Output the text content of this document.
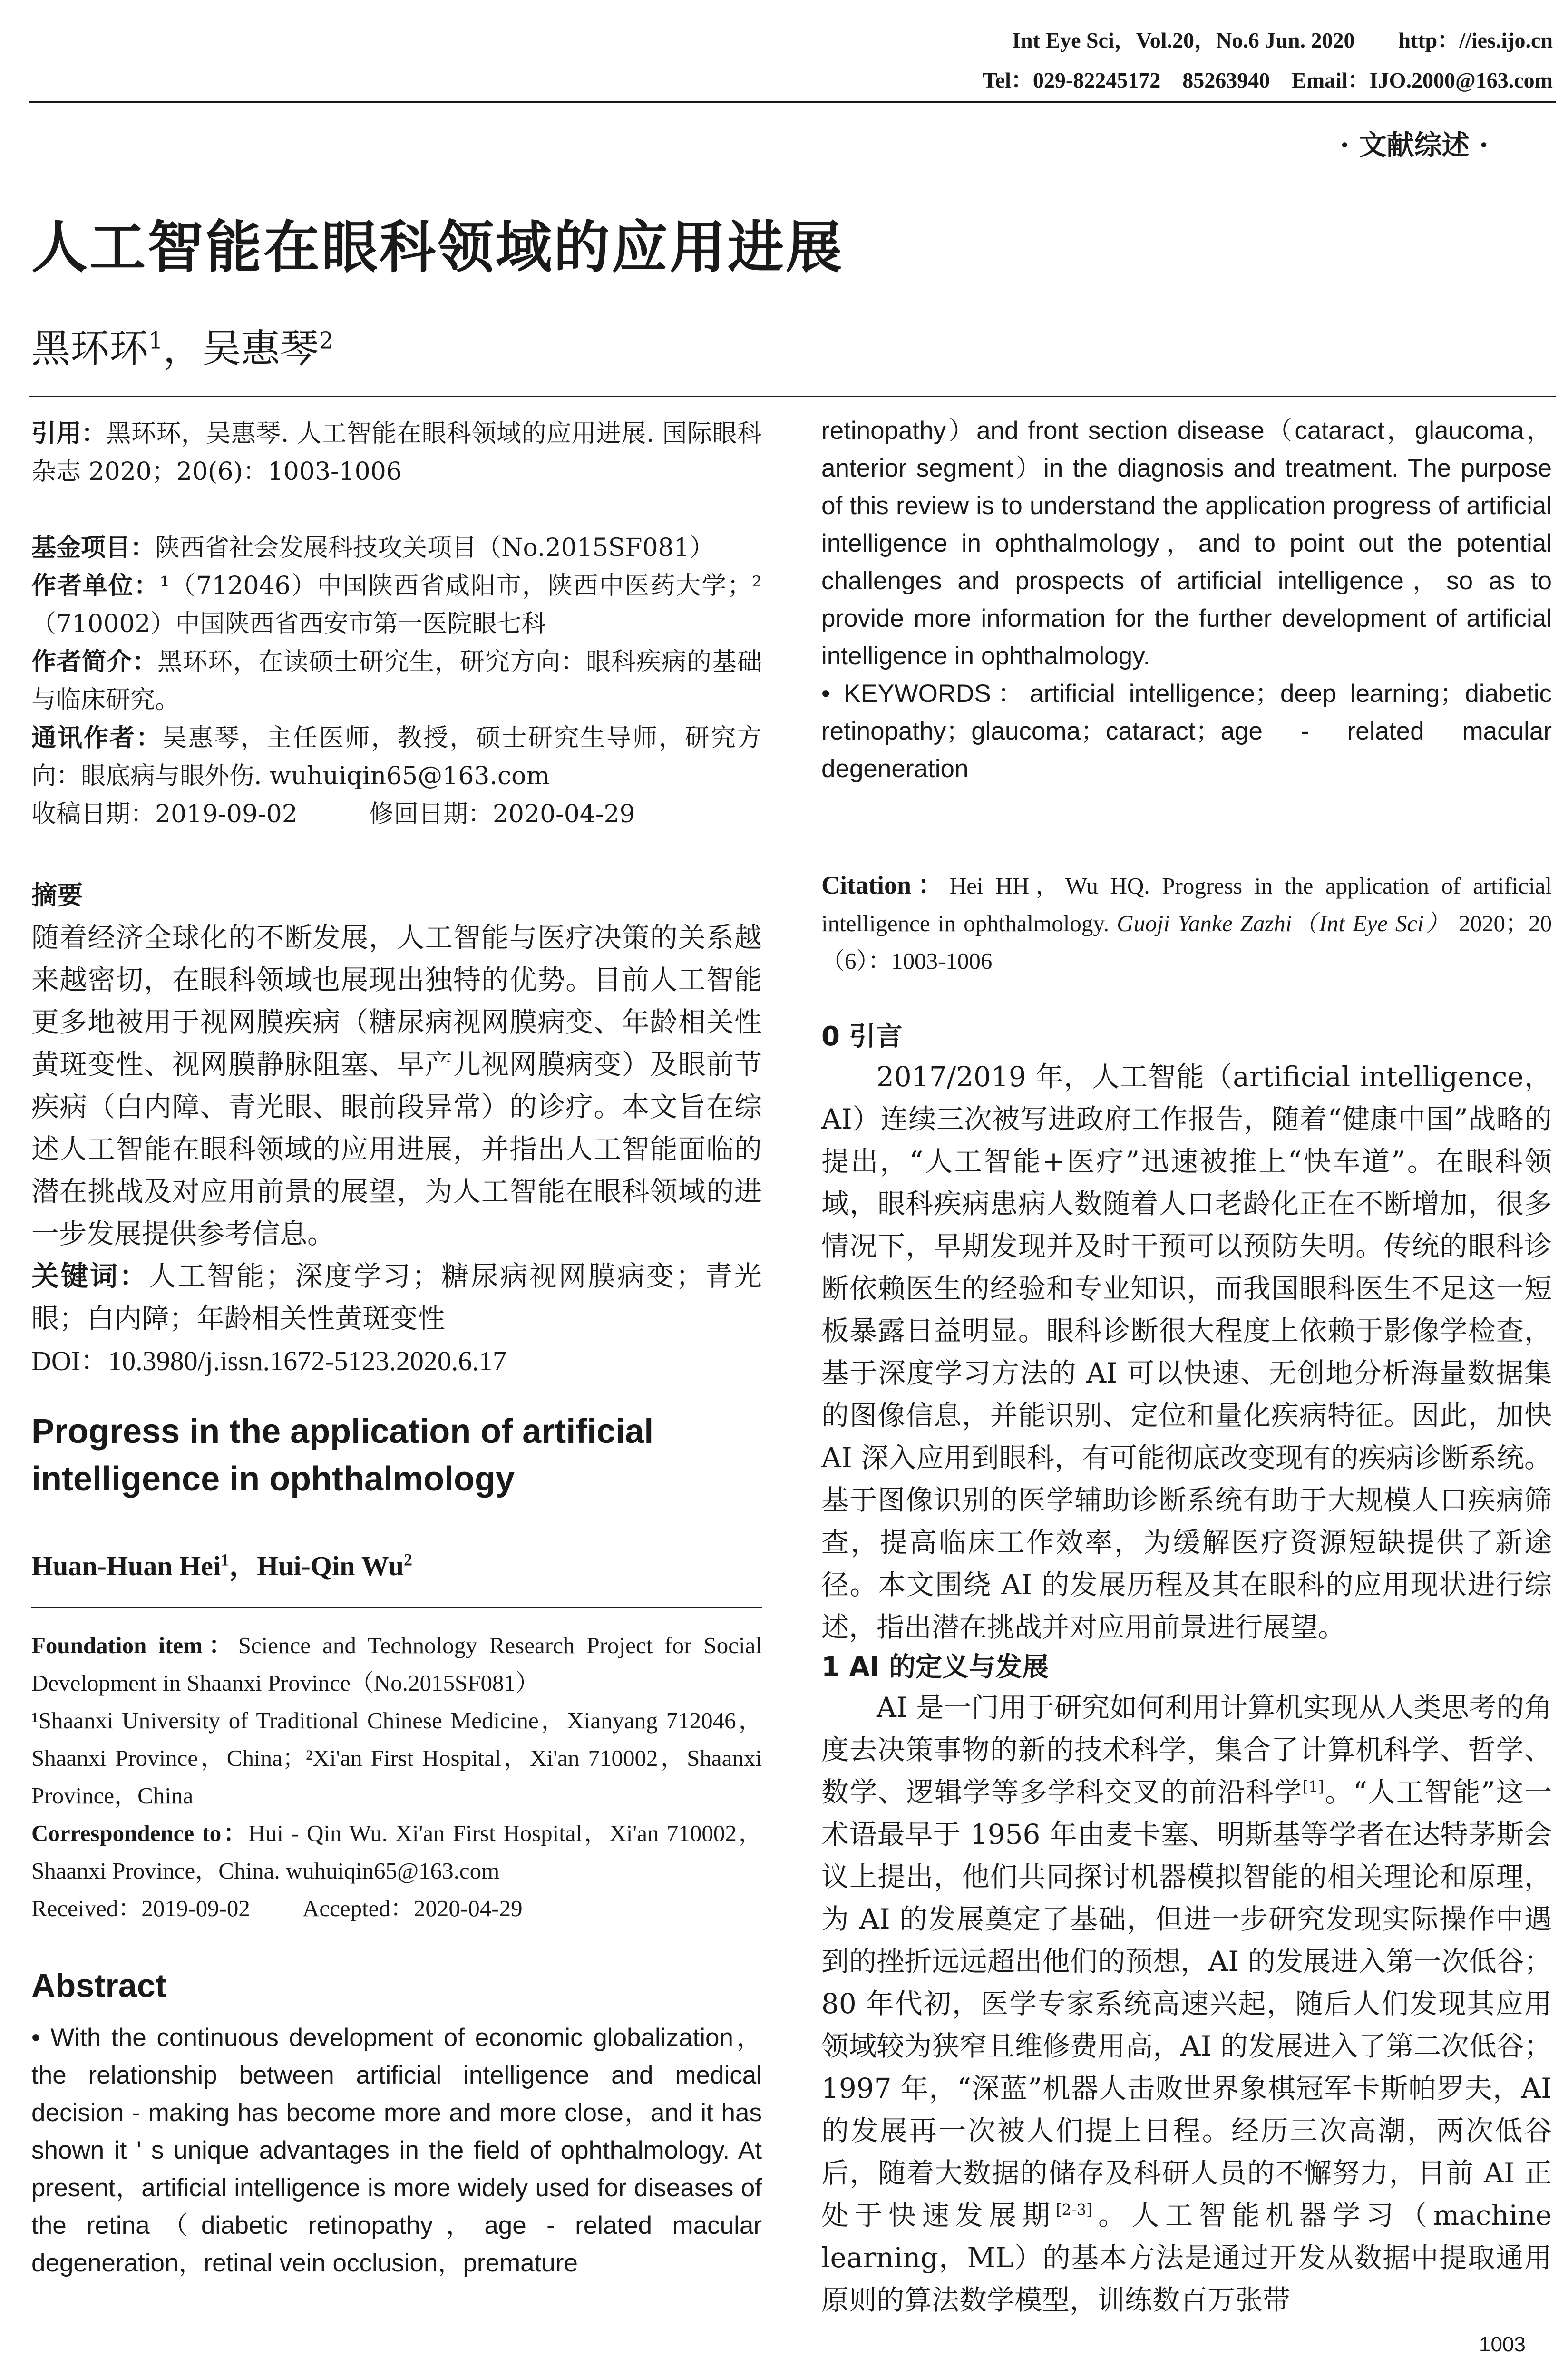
Int Eye Sci，Vol.20，No.6 Jun. 2020　　http：//ies.ijo.cn
Tel：029-82245172　85263940　Email：IJO.2000@163.com
· 文献综述 ·
人工智能在眼科领域的应用进展
黑环环$^1$，吴惠琴$^2$
引用：黑环环，吴惠琴. 人工智能在眼科领域的应用进展. 国际眼科杂志 2020；20(6)：1003-1006

基金项目：陕西省社会发展科技攻关项目（No.2015SF081）

作者单位：¹（712046）中国陕西省咸阳市，陕西中医药大学；²（710002）中国陕西省西安市第一医院眼七科

作者简介：黑环环，在读硕士研究生，研究方向：眼科疾病的基础与临床研究。

通讯作者：吴惠琴，主任医师，教授，硕士研究生导师，研究方向：眼底病与眼外伤. wuhuiqin65@163.com

收稿日期：2019-09-02	修回日期：2020-04-29

摘要

随着经济全球化的不断发展，人工智能与医疗决策的关系越来越密切，在眼科领域也展现出独特的优势。目前人工智能更多地被用于视网膜疾病（糖尿病视网膜病变、年龄相关性黄斑变性、视网膜静脉阻塞、早产儿视网膜病变）及眼前节疾病（白内障、青光眼、眼前段异常）的诊疗。本文旨在综述人工智能在眼科领域的应用进展，并指出人工智能面临的潜在挑战及对应用前景的展望，为人工智能在眼科领域的进一步发展提供参考信息。

关键词：人工智能；深度学习；糖尿病视网膜病变；青光眼；白内障；年龄相关性黄斑变性

DOI：10.3980/j.issn.1672-5123.2020.6.17

Progress in the application of artificial intelligence in ophthalmology
Huan-Huan Hei$^1$，Hui-Qin Wu$^2$

Foundation item：Science and Technology Research Project for Social Development in Shaanxi Province（No.2015SF081）

¹Shaanxi University of Traditional Chinese Medicine，Xianyang 712046，Shaanxi Province，China；²Xi'an First Hospital，Xi'an 710002，Shaanxi Province，China

Correspondence to：Hui - Qin Wu. Xi'an First Hospital，Xi'an 710002，Shaanxi Province，China. wuhuiqin65@163.com

Received：2019-09-02 Accepted：2020-04-29

Abstract
• With the continuous development of economic globalization，the relationship between artificial intelligence and medical decision - making has become more and more close，and it has shown it ' s unique advantages in the field of ophthalmology. At present，artificial intelligence is more widely used for diseases of the retina（diabetic retinopathy，age - related macular degeneration，retinal vein occlusion，premature

retinopathy）and front section disease（cataract，glaucoma，anterior segment）in the diagnosis and treatment. The purpose of this review is to understand the application progress of artificial intelligence in ophthalmology，and to point out the potential challenges and prospects of artificial intelligence，so as to provide more information for the further development of artificial intelligence in ophthalmology.

• KEYWORDS：artificial intelligence；deep learning；diabetic retinopathy；glaucoma；cataract；age - related macular degeneration

Citation：Hei HH，Wu HQ. Progress in the application of artificial intelligence in ophthalmology. Guoji Yanke Zazhi（Int Eye Sci） 2020；20（6）：1003-1006

0 引言

2017/2019 年，人工智能（artificial intelligence，AI）连续三次被写进政府工作报告，随着“健康中国”战略的提出，“人工智能+医疗”迅速被推上“快车道”。在眼科领域，眼科疾病患病人数随着人口老龄化正在不断增加，很多情况下，早期发现并及时干预可以预防失明。传统的眼科诊断依赖医生的经验和专业知识，而我国眼科医生不足这一短板暴露日益明显。眼科诊断很大程度上依赖于影像学检查，基于深度学习方法的 AI 可以快速、无创地分析海量数据集的图像信息，并能识别、定位和量化疾病特征。因此，加快 AI 深入应用到眼科，有可能彻底改变现有的疾病诊断系统。基于图像识别的医学辅助诊断系统有助于大规模人口疾病筛查，提高临床工作效率，为缓解医疗资源短缺提供了新途径。本文围绕 AI 的发展历程及其在眼科的应用现状进行综述，指出潜在挑战并对应用前景进行展望。

1 AI 的定义与发展

AI 是一门用于研究如何利用计算机实现从人类思考的角度去决策事物的新的技术科学，集合了计算机科学、哲学、数学、逻辑学等多学科交叉的前沿科学[1]。“人工智能”这一术语最早于 1956 年由麦卡塞、明斯基等学者在达特茅斯会议上提出，他们共同探讨机器模拟智能的相关理论和原理，为 AI 的发展奠定了基础，但进一步研究发现实际操作中遇到的挫折远远超出他们的预想，AI 的发展进入第一次低谷；80 年代初，医学专家系统高速兴起，随后人们发现其应用领域较为狭窄且维修费用高，AI 的发展进入了第二次低谷；1997 年，“深蓝”机器人击败世界象棋冠军卡斯帕罗夫，AI 的发展再一次被人们提上日程。经历三次高潮，两次低谷后，随着大数据的储存及科研人员的不懈努力，目前 AI 正处于快速发展期[2-3]。人工智能机器学习（machine learning，ML）的基本方法是通过开发从数据中提取通用原则的算法数学模型，训练数百万张带

1003
